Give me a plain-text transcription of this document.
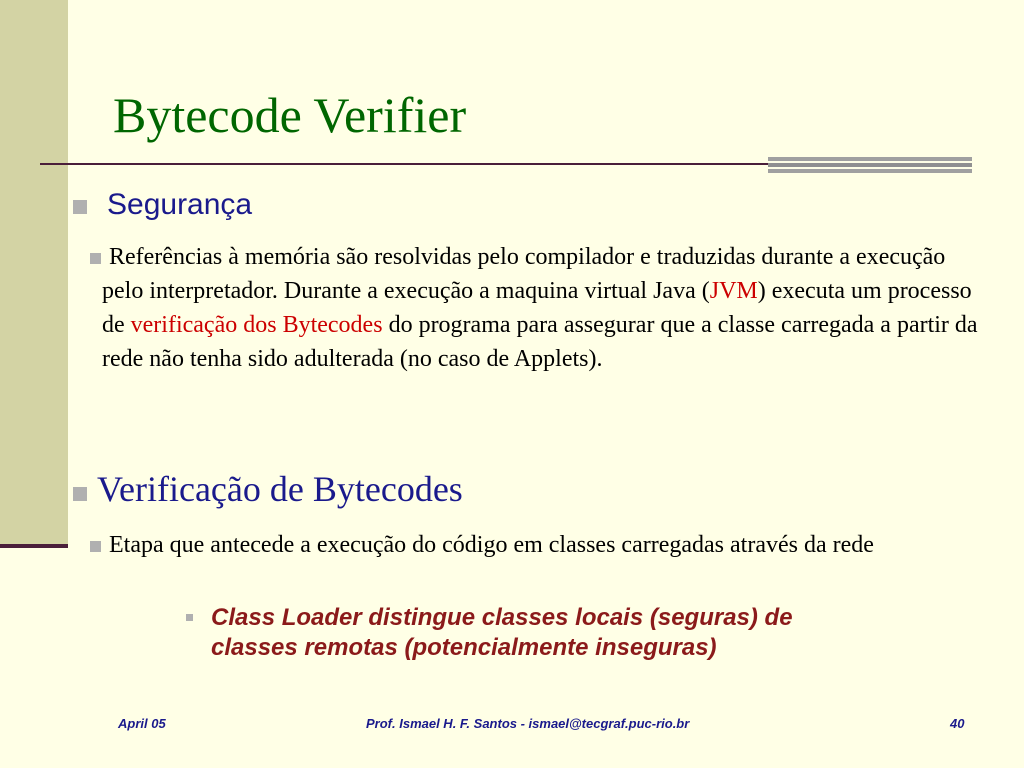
Bytecode Verifier
Segurança

Referências à memória são resolvidas pelo compilador e traduzidas durante a execução pelo interpretador. Durante a execução a maquina virtual Java (JVM) executa um processo de verificação dos Bytecodes do programa para assegurar que a classe carregada a partir da rede não tenha sido adulterada (no caso de Applets).

Verificação de Bytecodes

Etapa que antecede a execução do código em classes carregadas através da rede

Class Loader distingue classes locais (seguras) de
classes remotas (potencialmente inseguras)
April 05	Prof. Ismael H. F. Santos - ismael@tecgraf.puc-rio.br	40
